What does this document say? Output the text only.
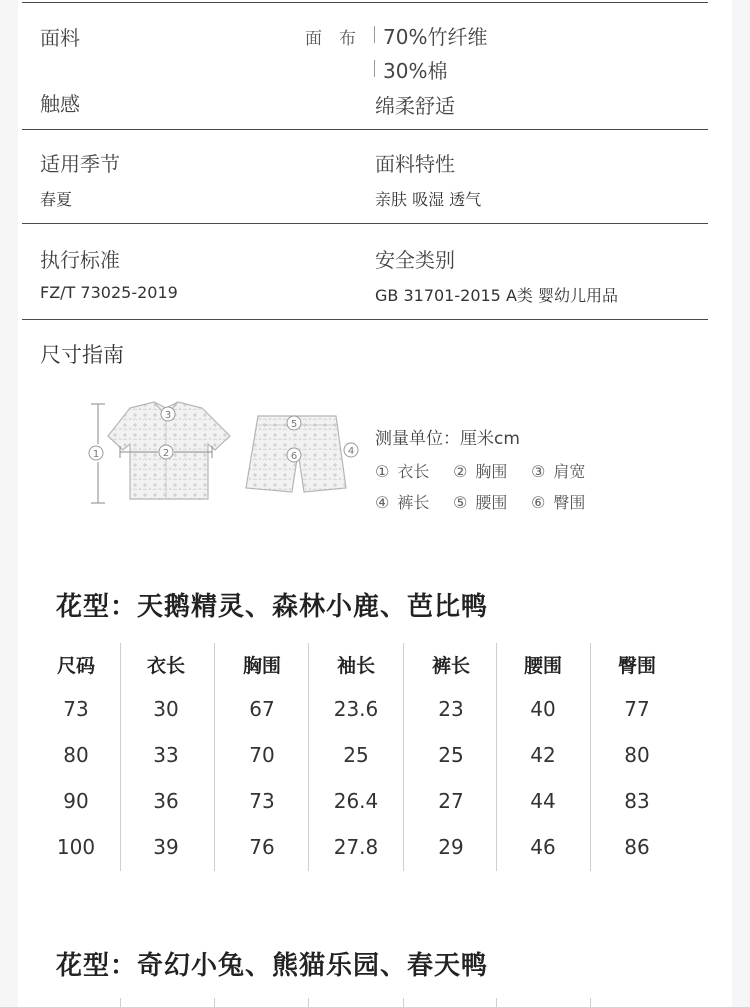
面料	面　布 70%竹纤维
30%棉
触感	绵柔舒适
适用季节
春夏
面料特性
亲肤 吸湿 透气
执行标准
FZ/T 73025-2019
安全类别
GB 31701-2015 A类 婴幼儿用品
尺寸指南
1	2
3
5
6	4
测量单位：厘米cm
① 衣长 ② 胸围 ③ 肩宽
④ 裤长 ⑤ 腰围 ⑥ 臀围
花型：天鹅精灵、森林小鹿、芭比鸭
尺码	衣长	胸围	袖长	裤长	腰围	臀围
73	30	67	23.6	23	40	77
80	33	70	25	25	42	80
90	36	73	26.4	27	44	83
100	39	76	27.8	29	46	86
花型：奇幻小兔、熊猫乐园、春天鸭
